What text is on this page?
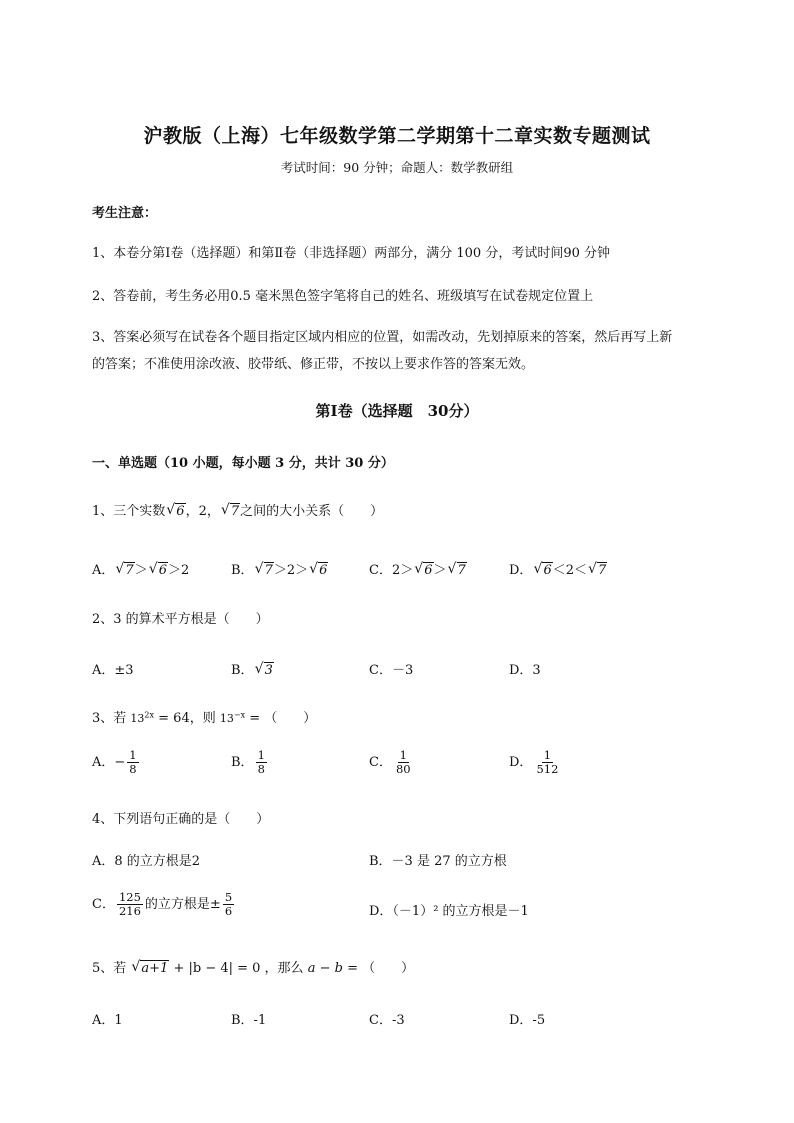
沪教版（上海）七年级数学第二学期第十二章实数专题测试
考试时间：90 分钟；命题人：数学教研组
考生注意：
1、本卷分第Ⅰ卷（选择题）和第Ⅱ卷（非选择题）两部分，满分 100 分，考试时间90 分钟
2、答卷前，考生务必用0.5 毫米黑色签字笔将自己的姓名、班级填写在试卷规定位置上
3、答案必须写在试卷各个题目指定区域内相应的位置，如需改动，先划掉原来的答案，然后再写上新
的答案；不准使用涂改液、胶带纸、修正带，不按以上要求作答的答案无效。
第Ⅰ卷（选择题　30分）
一、单选题（10 小题，每小题 3 分，共计 30 分）
1、三个实数 √ 6，2， √ 7之间的大小关系（　　）
A． √ 7＞ √ 6＞2	B． √ 7＞2＞ √ 6	C．2＞ √ 6＞ √ 7	D． √ 6＜2＜ √ 7
2、3 的算术平方根是（　　）
A．±3	B． √ 3	C．－3	D．3
3、若 $13^{2x} = 64$，则 $13^{-x}$ = （　　）
A．− $\frac{1}{8}$	B． $\frac{1}{8}$	C． $\frac{1}{80}$	D． $\frac{1}{512}$
4、下列语句正确的是（　　）
A．8 的立方根是2	B．－3 是 27 的立方根
C． $\frac{125}{216}$ 的立方根是± $\frac{5}{6}$	D．（－1）² 的立方根是－1
5、若 √ a+1 + |b − 4| = 0 ，那么 a − b = （　　）
A．1	B．-1	C．-3	D．-5
